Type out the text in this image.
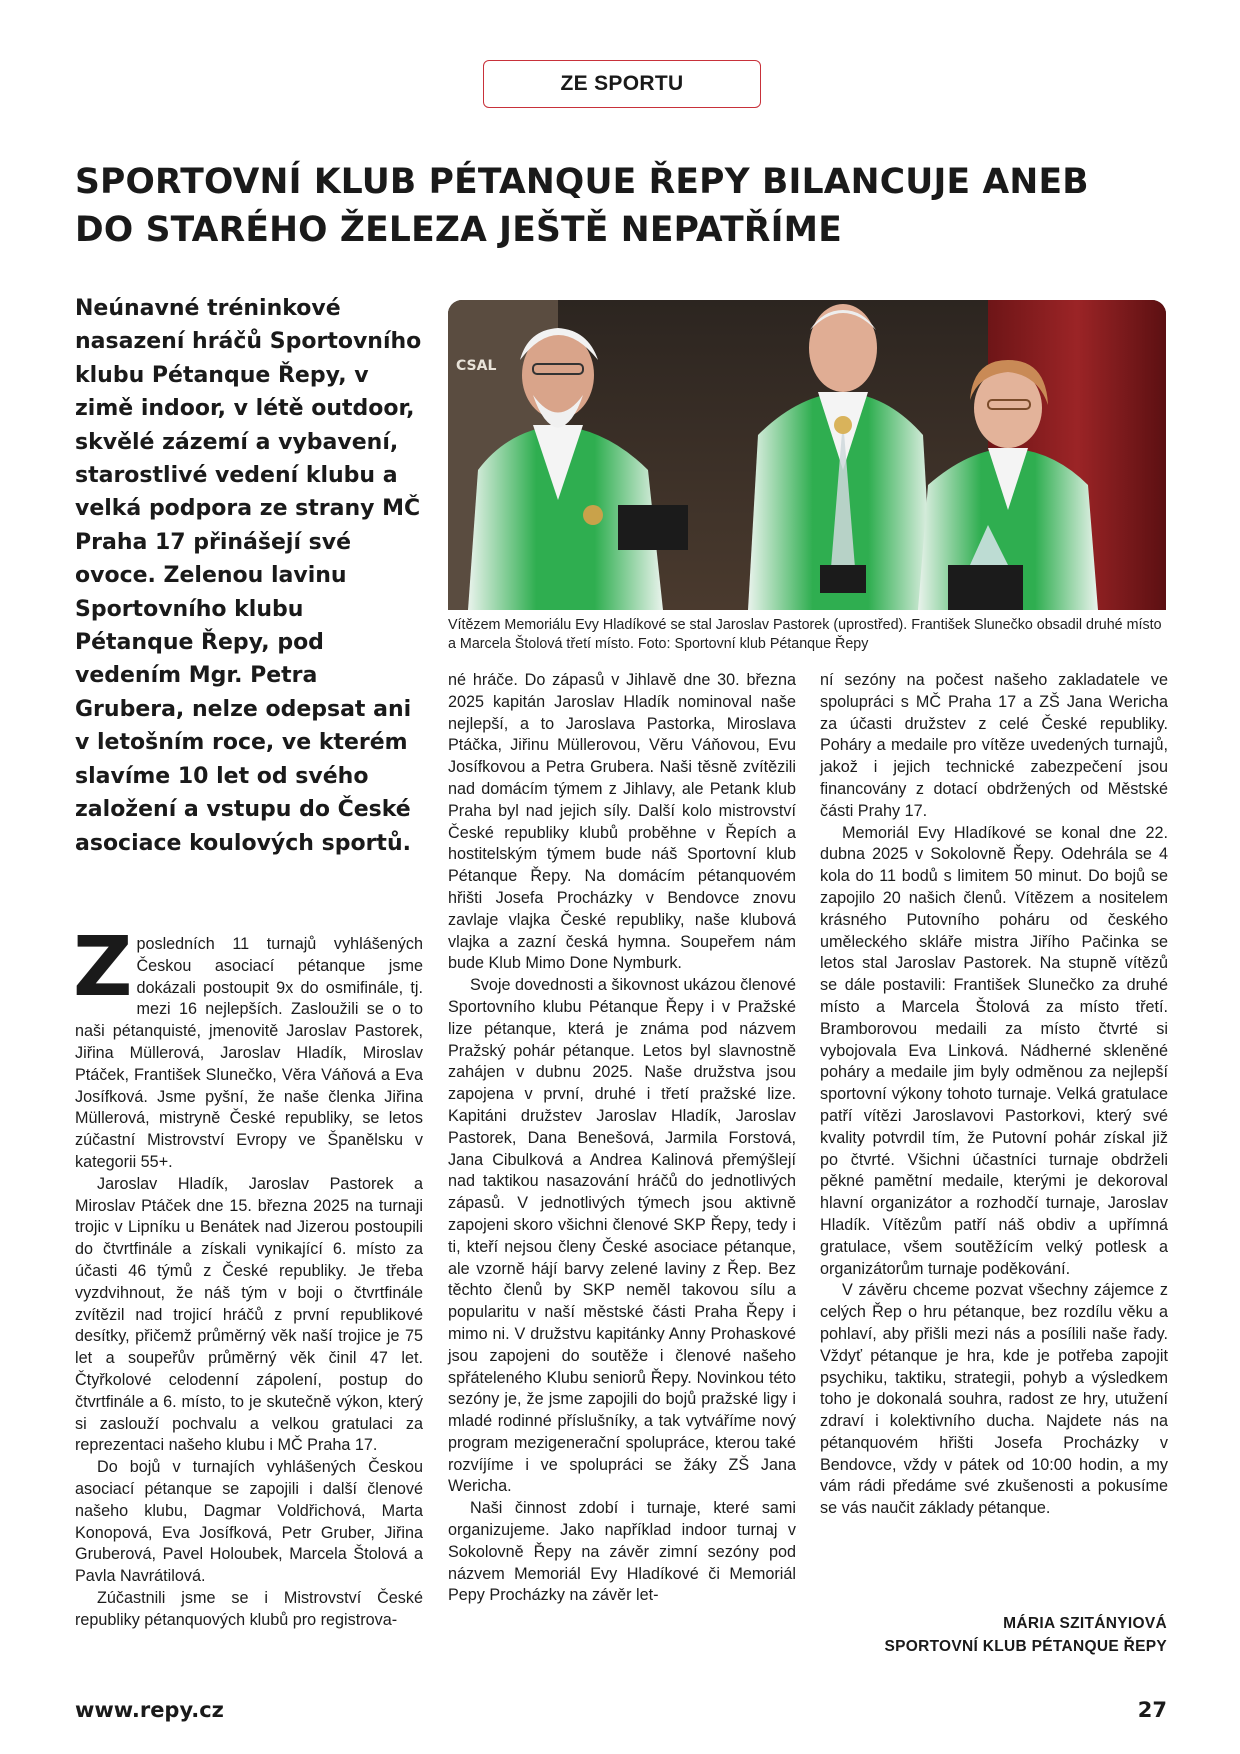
ZE SPORTU
SPORTOVNÍ KLUB PÉTANQUE ŘEPY BILANCUJE ANEB
DO STARÉHO ŽELEZA JEŠTĚ NEPATŘÍME
Neúnavné tréninkové nasazení hráčů Sportovního klubu Pétanque Řepy, v zimě indoor, v létě outdoor, skvělé zázemí a vybavení, starostlivé vedení klubu a velká podpora ze strany MČ Praha 17 přinášejí své ovoce. Zelenou lavinu Sportovního klubu Pétanque Řepy, pod vedením Mgr. Petra Grubera, nelze odepsat ani v letošním roce, ve kterém slavíme 10 let od svého založení a vstupu do České asociace koulových sportů.
CSAL
Vítězem Memoriálu Evy Hladíkové se stal Jaroslav Pastorek (uprostřed). František Slunečko obsadil druhé místo a Marcela Štolová třetí místo. Foto: Sportovní klub Pétanque Řepy

Zposledních 11 turnajů vyhlášených Českou asociací pétanque jsme dokázali postoupit 9x do osmifinále, tj. mezi 16 nejlepších. Zasloužili se o to naši pétanquisté, jmenovitě Jaroslav Pastorek, Jiřina Müllerová, Jaroslav Hladík, Miroslav Ptáček, František Slunečko, Věra Váňová a Eva Josífková. Jsme pyšní, že naše členka Jiřina Müllerová, mistryně České republiky, se letos zúčastní Mistrovství Evropy ve Španělsku v kategorii 55+.

Jaroslav Hladík, Jaroslav Pastorek a Miroslav Ptáček dne 15. března 2025 na turnaji trojic v Lipníku u Benátek nad Jizerou postoupili do čtvrtfinále a získali vynikající 6. místo za účasti 46 týmů z České republiky. Je třeba vyzdvihnout, že náš tým v boji o čtvrtfinále zvítězil nad trojicí hráčů z první republikové desítky, přičemž průměrný věk naší trojice je 75 let a soupeřův průměrný věk činil 47 let. Čtyřkolové celodenní zápolení, postup do čtvrtfinále a 6. místo, to je skutečně výkon, který si zaslouží pochvalu a velkou gratulaci za reprezentaci našeho klubu i MČ Praha 17.

Do bojů v turnajích vyhlášených Českou asociací pétanque se zapojili i další členové našeho klubu, Dagmar Voldřichová, Marta Konopová, Eva Josífková, Petr Gruber, Jiřina Gruberová, Pavel Holoubek, Marcela Štolová a Pavla Navrátilová.

Zúčastnili jsme se i Mistrovství České republiky pétanquových klubů pro registrova-

né hráče. Do zápasů v Jihlavě dne 30. března 2025 kapitán Jaroslav Hladík nominoval naše nejlepší, a to Jaroslava Pastorka, Miroslava Ptáčka, Jiřinu Müllerovou, Věru Váňovou, Evu Josífkovou a Petra Grubera. Naši těsně zvítězili nad domácím týmem z Jihlavy, ale Petank klub Praha byl nad jejich síly. Další kolo mistrovství České republiky klubů proběhne v Řepích a hostitelským týmem bude náš Sportovní klub Pétanque Řepy. Na domácím pétanquovém hřišti Josefa Procházky v Bendovce znovu zavlaje vlajka České republiky, naše klubová vlajka a zazní česká hymna. Soupeřem nám bude Klub Mimo Done Nymburk.

Svoje dovednosti a šikovnost ukázou členové Sportovního klubu Pétanque Řepy i v Pražské lize pétanque, která je známa pod názvem Pražský pohár pétanque. Letos byl slavnostně zahájen v dubnu 2025. Naše družstva jsou zapojena v první, druhé i třetí pražské lize. Kapitáni družstev Jaroslav Hladík, Jaroslav Pastorek, Dana Benešová, Jarmila Forstová, Jana Cibulková a Andrea Kalinová přemýšlejí nad taktikou nasazování hráčů do jednotlivých zápasů. V jednotlivých týmech jsou aktivně zapojeni skoro všichni členové SKP Řepy, tedy i ti, kteří nejsou členy České asociace pétanque, ale vzorně hájí barvy zelené laviny z Řep. Bez těchto členů by SKP neměl takovou sílu a popularitu v naší městské části Praha Řepy i mimo ni. V družstvu kapitánky Anny Prohaskové jsou zapojeni do soutěže i členové našeho spřáteleného Klubu seniorů Řepy. Novinkou této sezóny je, že jsme zapojili do bojů pražské ligy i mladé rodinné příslušníky, a tak vytváříme nový program mezigenerační spolupráce, kterou také rozvíjíme i ve spolupráci se žáky ZŠ Jana Wericha.

Naši činnost zdobí i turnaje, které sami organizujeme. Jako například indoor turnaj v Sokolovně Řepy na závěr zimní sezóny pod názvem Memoriál Evy Hladíkové či Memoriál Pepy Procházky na závěr let-

ní sezóny na počest našeho zakladatele ve spolupráci s MČ Praha 17 a ZŠ Jana Wericha za účasti družstev z celé České republiky. Poháry a medaile pro vítěze uvedených turnajů, jakož i jejich technické zabezpečení jsou financovány z dotací obdržených od Městské části Prahy 17.

Memoriál Evy Hladíkové se konal dne 22. dubna 2025 v Sokolovně Řepy. Odehrála se 4 kola do 11 bodů s limitem 50 minut. Do bojů se zapojilo 20 našich členů. Vítězem a nositelem krásného Putovního poháru od českého uměleckého skláře mistra Jiřího Pačinka se letos stal Jaroslav Pastorek. Na stupně vítězů se dále postavili: František Slunečko za druhé místo a Marcela Štolová za místo třetí. Bramborovou medaili za místo čtvrté si vybojovala Eva Linková. Nádherné skleněné poháry a medaile jim byly odměnou za nejlepší sportovní výkony tohoto turnaje. Velká gratulace patří vítězi Jaroslavovi Pastorkovi, který své kvality potvrdil tím, že Putovní pohár získal již po čtvrté. Všichni účastníci turnaje obdrželi pěkné pamětní medaile, kterými je dekoroval hlavní organizátor a rozhodčí turnaje, Jaroslav Hladík. Vítězům patří náš obdiv a upřímná gratulace, všem soutěžícím velký potlesk a organizátorům turnaje poděkování.

V závěru chceme pozvat všechny zájemce z celých Řep o hru pétanque, bez rozdílu věku a pohlaví, aby přišli mezi nás a posílili naše řady. Vždyť pétanque je hra, kde je potřeba zapojit psychiku, taktiku, strategii, pohyb a výsledkem toho je dokonalá souhra, radost ze hry, utužení zdraví i kolektivního ducha. Najdete nás na pétanquovém hřišti Josefa Procházky v Bendovce, vždy v pátek od 10:00 hodin, a my vám rádi předáme své zkušenosti a pokusíme se vás naučit základy pétanque.

MÁRIA SZITÁNYIOVÁ
SPORTOVNÍ KLUB PÉTANQUE ŘEPY
www.repy.cz	27
